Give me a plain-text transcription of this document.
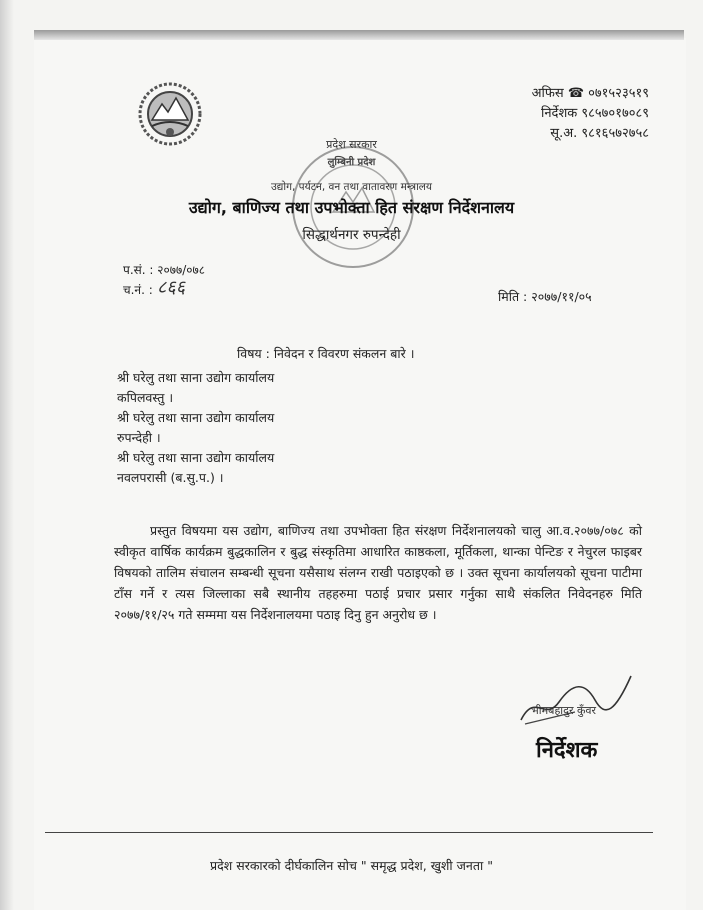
अफिस ☎ ०७१५२३५१९
निर्देशक ९८५७०१७०८९
सू.अ. ९८१६५७२७५८
प्रदेश सरकार
लुम्बिनी प्रदेश
उद्योग, पर्यटन, वन तथा वातावरण मन्त्रालय
उद्योग, बाणिज्य तथा उपभोक्ता हित संरक्षण निर्देशनालय
सिद्धार्थनगर रुपन्देही
प.सं. : २०७७/०७८
च.नं. : ८६६	मिति : २०७७/११/०५
विषय : निवेदन र विवरण संकलन बारे ।
श्री घरेलु तथा साना उद्योग कार्यालय
कपिलवस्तु ।
श्री घरेलु तथा साना उद्योग कार्यालय
रुपन्देही ।
श्री घरेलु तथा साना उद्योग कार्यालय
नवलपरासी (ब.सु.प.) ।

प्रस्तुत विषयमा यस उद्योग, बाणिज्य तथा उपभोक्ता हित संरक्षण निर्देशनालयको चालु आ.व.२०७७/०७८ को स्वीकृत वार्षिक कार्यक्रम बुद्धकालिन र बुद्ध संस्कृतिमा आधारित काष्ठकला, मूर्तिकला, थान्का पेन्टिङ र नेचुरल फाइबर विषयको तालिम संचालन सम्बन्धी सूचना यसैसाथ संलग्न राखी पठाइएको छ । उक्त सूचना कार्यालयको सूचना पाटीमा टाँस गर्ने र त्यस जिल्लाका सबै स्थानीय तहहरुमा पठाई प्रचार प्रसार गर्नुका साथै संकलित निवेदनहरु मिति २०७७/११/२५ गते सम्ममा यस निर्देशनालयमा पठाइ दिनु हुन अनुरोध छ ।

भीमबहादुर कुँवर
निर्देशक
प्रदेश सरकारको दीर्घकालिन सोच " समृद्ध प्रदेश, खुशी जनता "
